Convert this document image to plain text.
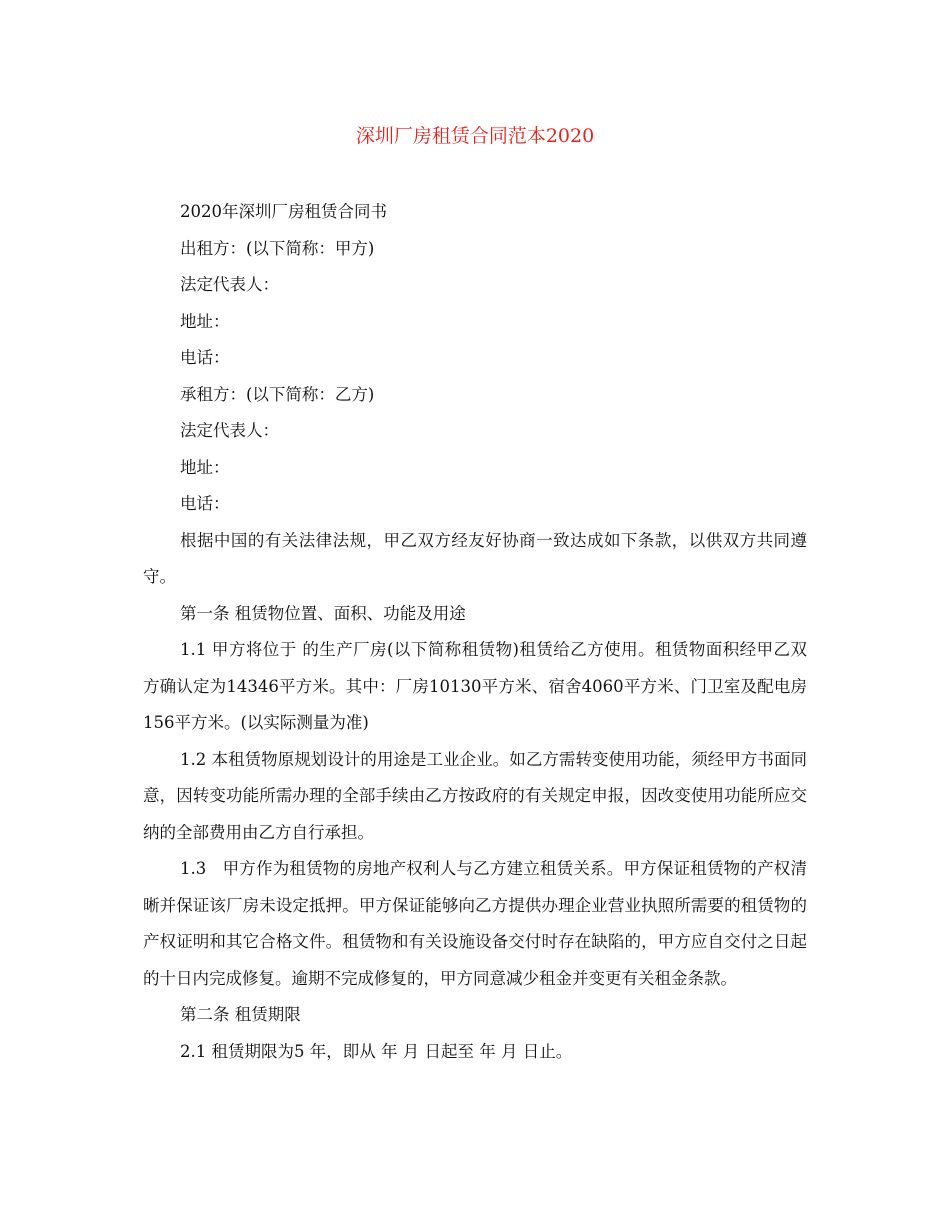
深圳厂房租赁合同范本2020

2020年深圳厂房租赁合同书

出租方：(以下简称：甲方)

法定代表人：

地址：

电话：

承租方：(以下简称：乙方)

法定代表人：

地址：

电话：

根据中国的有关法律法规，甲乙双方经友好协商一致达成如下条款，以供双方共同遵守。

第一条 租赁物位置、面积、功能及用途

1.1 甲方将位于 的生产厂房(以下简称租赁物)租赁给乙方使用。租赁物面积经甲乙双方确认定为14346平方米。其中：厂房10130平方米、宿舍4060平方米、门卫室及配电房156平方米。(以实际测量为准)

1.2 本租赁物原规划设计的用途是工业企业。如乙方需转变使用功能，须经甲方书面同意，因转变功能所需办理的全部手续由乙方按政府的有关规定申报，因改变使用功能所应交纳的全部费用由乙方自行承担。

1.3   甲方作为租赁物的房地产权利人与乙方建立租赁关系。甲方保证租赁物的产权清晰并保证该厂房未设定抵押。甲方保证能够向乙方提供办理企业营业执照所需要的租赁物的产权证明和其它合格文件。租赁物和有关设施设备交付时存在缺陷的，甲方应自交付之日起的十日内完成修复。逾期不完成修复的，甲方同意减少租金并变更有关租金条款。

第二条 租赁期限

2.1 租赁期限为5 年，即从 年 月 日起至 年 月 日止。
